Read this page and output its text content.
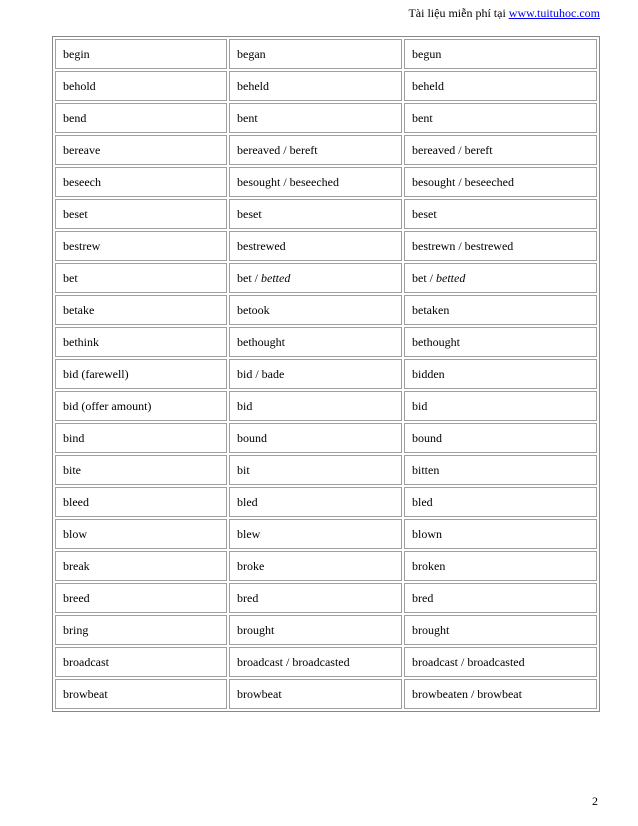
Tài liệu miễn phí tại www.tuituhoc.com
begin	began	begun
behold	beheld	beheld
bend	bent	bent
bereave	bereaved / bereft	bereaved / bereft
beseech	besought / beseeched	besought / beseeched
beset	beset	beset
bestrew	bestrewed	bestrewn / bestrewed
bet	bet / betted	bet / betted
betake	betook	betaken
bethink	bethought	bethought
bid (farewell)	bid / bade	bidden
bid (offer amount)	bid	bid
bind	bound	bound
bite	bit	bitten
bleed	bled	bled
blow	blew	blown
break	broke	broken
breed	bred	bred
bring	brought	brought
broadcast	broadcast / broadcasted	broadcast / broadcasted
browbeat	browbeat	browbeaten / browbeat
2
